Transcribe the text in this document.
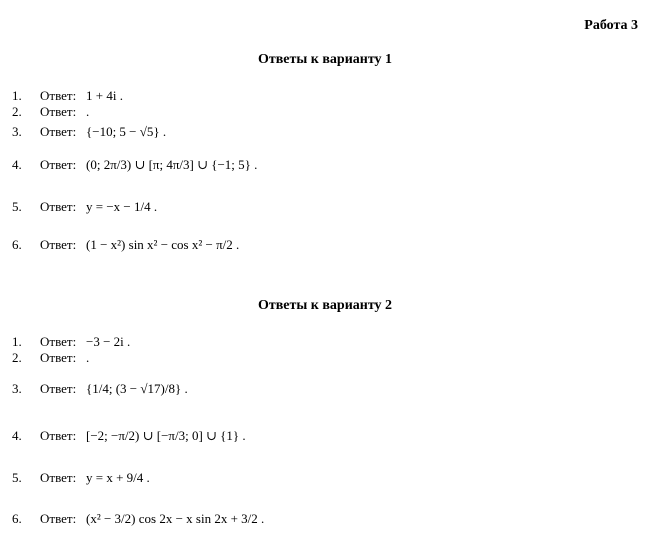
Работа 3
Ответы к варианту 1
Ответы к варианту 2
1.	Ответ: 1 + 4i .
2.	Ответ: .
3.	Ответ: {−10; 5 − √5} .
4.	Ответ: (0; 2π/3) ∪ [π; 4π/3] ∪ {−1; 5} .
5.	Ответ: y = −x − 1/4 .
6.	Ответ: (1 − x²) sin x² − cos x² − π/2 .
1.	Ответ: −3 − 2i .
2.	Ответ: .
3.	Ответ: {1/4; (3 − √17)/8} .
4.	Ответ: [−2; −π/2) ∪ [−π/3; 0] ∪ {1} .
5.	Ответ: y = x + 9/4 .
6.	Ответ: (x² − 3/2) cos 2x − x sin 2x + 3/2 .
